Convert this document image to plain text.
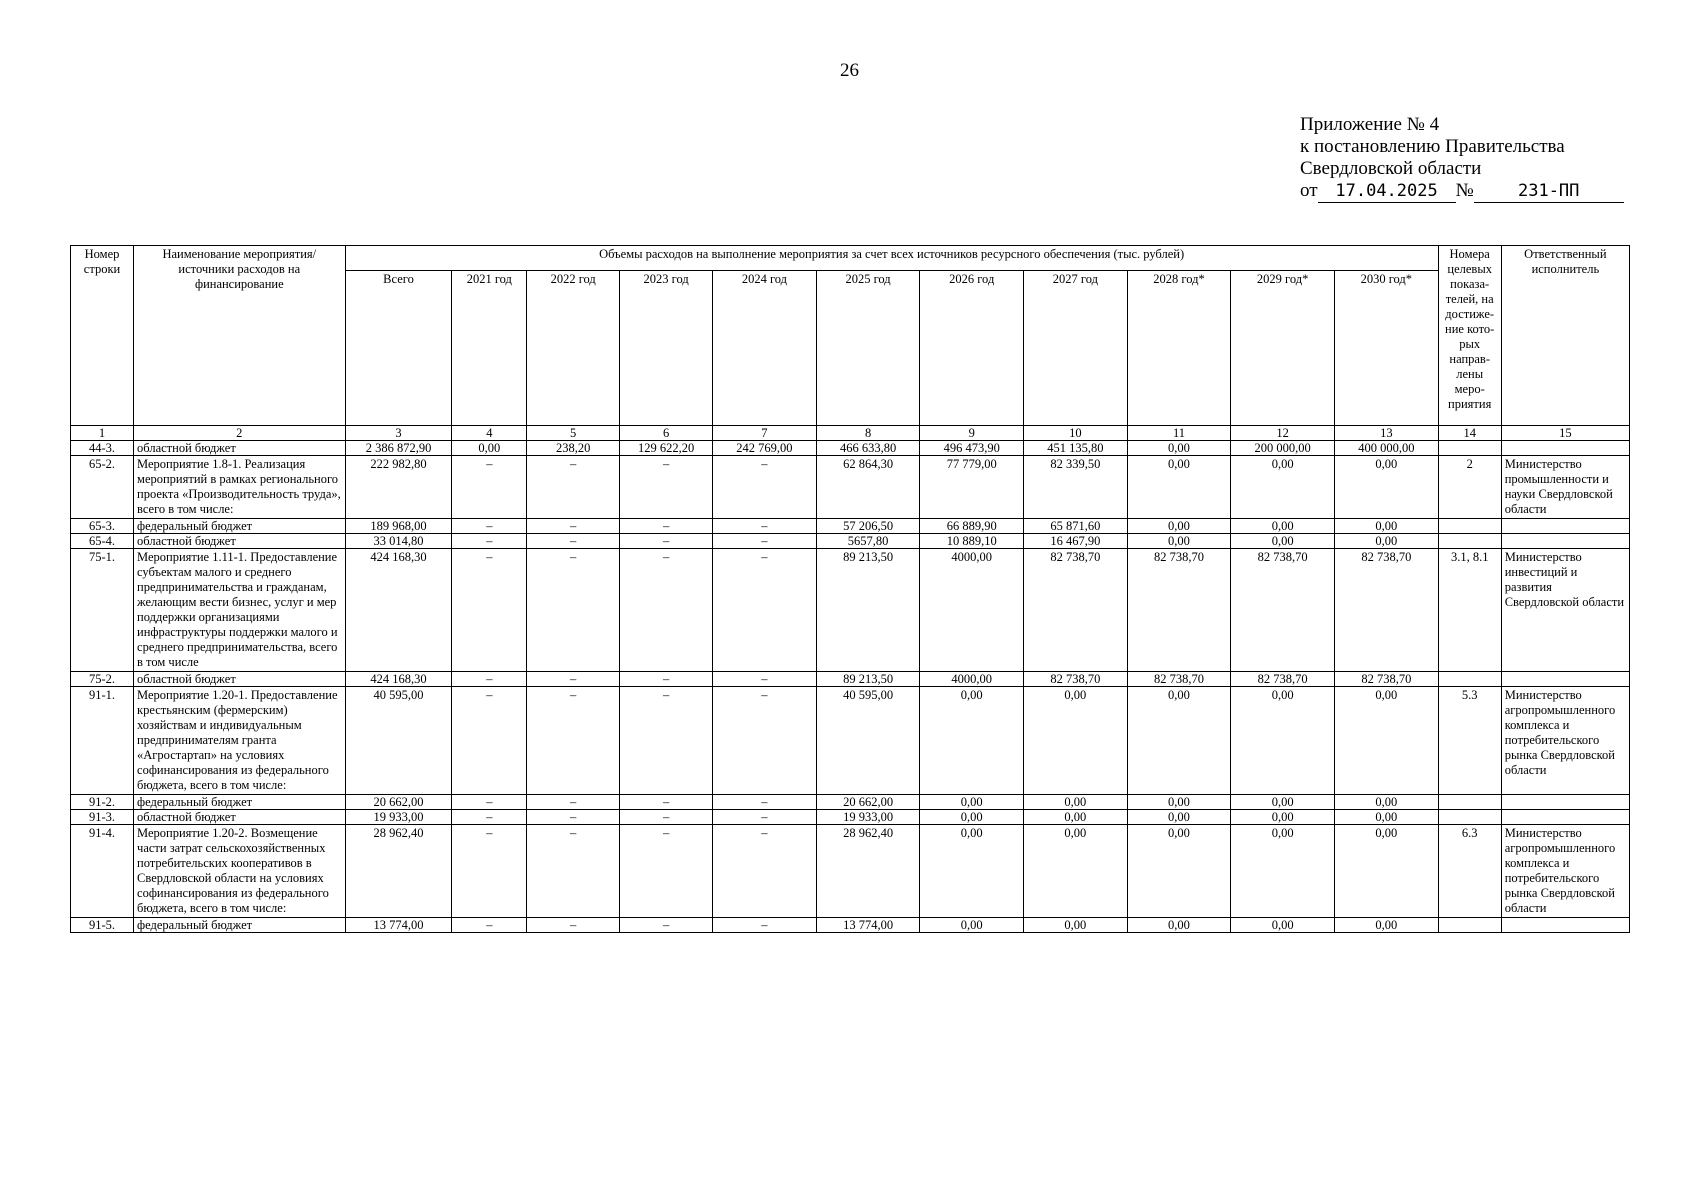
26
Приложение № 4
к постановлению Правительства
Свердловской области
от 17.04.2025 №	231-ПП
Номер строки	Наименование мероприятия/ источники расходов на финансирование	Объемы расходов на выполнение мероприятия за счет всех источников ресурсного обеспечения (тыс. рублей)											Номера целевых показа-телей, на достиже-ние кото-рых направ-лены меро-приятия	Ответственный исполнитель
		Всего	2021 год	2022 год	2023 год	2024 год	2025 год	2026 год	2027 год	2028 год*	2029 год*	2030 год*		
1	2	3	4	5	6	7	8	9	10	11	12	13	14	15
44-3.	областной бюджет	2 386 872,90	0,00	238,20	129 622,20	242 769,00	466 633,80	496 473,90	451 135,80	0,00	200 000,00	400 000,00		
65-2.	Мероприятие 1.8-1. Реализация мероприятий в рамках регионального проекта «Производительность труда», всего в том числе:	222 982,80	–	–	–	–	62 864,30	77 779,00	82 339,50	0,00	0,00	0,00	2	Министерство промышленности и науки Свердловской области
65-3.	федеральный бюджет	189 968,00	–	–	–	–	57 206,50	66 889,90	65 871,60	0,00	0,00	0,00		
65-4.	областной бюджет	33 014,80	–	–	–	–	5657,80	10 889,10	16 467,90	0,00	0,00	0,00		
75-1.	Мероприятие 1.11-1. Предоставление субъектам малого и среднего предпринимательства и гражданам, желающим вести бизнес, услуг и мер поддержки организациями инфраструктуры поддержки малого и среднего предпринимательства, всего в том числе	424 168,30	–	–	–	–	89 213,50	4000,00	82 738,70	82 738,70	82 738,70	82 738,70	3.1, 8.1	Министерство инвестиций и развития Свердловской области
75-2.	областной бюджет	424 168,30	–	–	–	–	89 213,50	4000,00	82 738,70	82 738,70	82 738,70	82 738,70		
91-1.	Мероприятие 1.20-1. Предоставление крестьянским (фермерским) хозяйствам и индивидуальным предпринимателям гранта «Агростартап» на условиях софинансирования из федерального бюджета, всего в том числе:	40 595,00	–	–	–	–	40 595,00	0,00	0,00	0,00	0,00	0,00	5.3	Министерство агропромышленного комплекса и потребительского рынка Свердловской области
91-2.	федеральный бюджет	20 662,00	–	–	–	–	20 662,00	0,00	0,00	0,00	0,00	0,00		
91-3.	областной бюджет	19 933,00	–	–	–	–	19 933,00	0,00	0,00	0,00	0,00	0,00		
91-4.	Мероприятие 1.20-2. Возмещение части затрат сельскохозяйственных потребительских кооперативов в Свердловской области на условиях софинансирования из федерального бюджета, всего в том числе:	28 962,40	–	–	–	–	28 962,40	0,00	0,00	0,00	0,00	0,00	6.3	Министерство агропромышленного комплекса и потребительского рынка Свердловской области
91-5.	федеральный бюджет	13 774,00	–	–	–	–	13 774,00	0,00	0,00	0,00	0,00	0,00		
